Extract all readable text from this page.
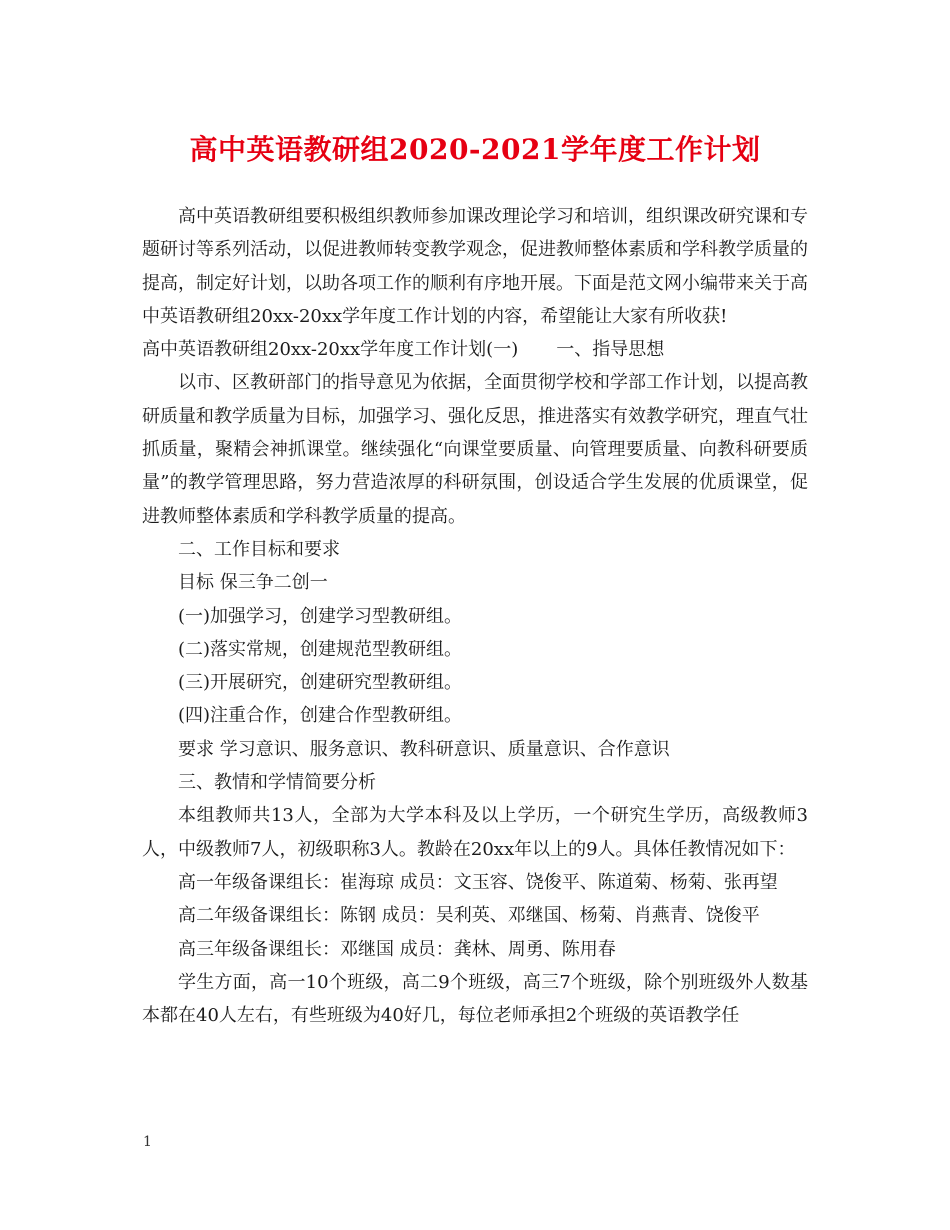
高中英语教研组2020-2021学年度工作计划

高中英语教研组要积极组织教师参加课改理论学习和培训，组织课改研究课和专题研讨等系列活动，以促进教师转变教学观念，促进教师整体素质和学科教学质量的提高，制定好计划，以助各项工作的顺利有序地开展。下面是范文网小编带来关于高中英语教研组20xx-20xx学年度工作计划的内容，希望能让大家有所收获!

高中英语教研组20xx-20xx学年度工作计划(一) 一、指导思想

以市、区教研部门的指导意见为依据，全面贯彻学校和学部工作计划，以提高教研质量和教学质量为目标，加强学习、强化反思，推进落实有效教学研究，理直气壮抓质量，聚精会神抓课堂。继续强化“向课堂要质量、向管理要质量、向教科研要质量”的教学管理思路，努力营造浓厚的科研氛围，创设适合学生发展的优质课堂，促进教师整体素质和学科教学质量的提高。

二、工作目标和要求

目标 保三争二创一

(一)加强学习，创建学习型教研组。

(二)落实常规，创建规范型教研组。

(三)开展研究，创建研究型教研组。

(四)注重合作，创建合作型教研组。

要求 学习意识、服务意识、教科研意识、质量意识、合作意识

三、教情和学情简要分析

本组教师共13人，全部为大学本科及以上学历，一个研究生学历，高级教师3人，中级教师7人，初级职称3人。教龄在20xx年以上的9人。具体任教情况如下：

高一年级备课组长：崔海琼 成员：文玉容、饶俊平、陈道菊、杨菊、张再望

高二年级备课组长：陈钢 成员：吴利英、邓继国、杨菊、肖燕青、饶俊平

高三年级备课组长：邓继国 成员：龚林、周勇、陈用春

学生方面，高一10个班级，高二9个班级，高三7个班级，除个别班级外人数基本都在40人左右，有些班级为40好几，每位老师承担2个班级的英语教学任

1
